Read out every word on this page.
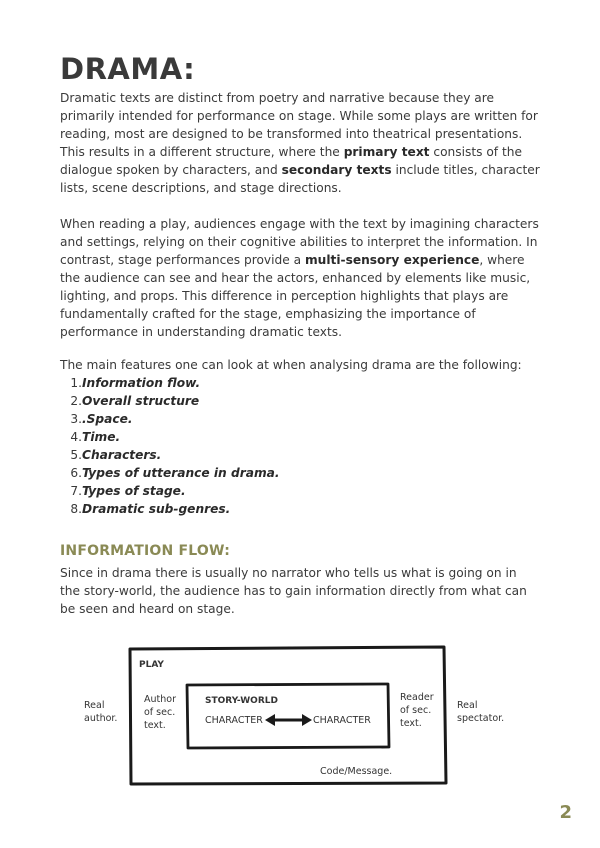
DRAMA:

Dramatic texts are distinct from poetry and narrative because they are primarily intended for performance on stage. While some plays are written for reading, most are designed to be transformed into theatrical presentations. This results in a different structure, where the primary text consists of the dialogue spoken by characters, and secondary texts include titles, character lists, scene descriptions, and stage directions.

When reading a play, audiences engage with the text by imagining characters and settings, relying on their cognitive abilities to interpret the information. In contrast, stage performances provide a multi-sensory experience, where the audience can see and hear the actors, enhanced by elements like music, lighting, and props. This difference in perception highlights that plays are fundamentally crafted for the stage, emphasizing the importance of performance in understanding dramatic texts.

The main features one can look at when analysing drama are the following:

1. Information flow.
2. Overall structure
3. .Space.
4. Time.
5. Characters.
6. Types of utterance in drama.
7. Types of stage.
8. Dramatic sub-genres.
INFORMATION FLOW:

Since in drama there is usually no narrator who tells us what is going on in the story-world, the audience has to gain information directly from what can be seen and heard on stage.

PLAY
STORY-WORLD
CHARACTER	CHARACTER
Real author.
Author of sec. text.
Reader of sec. text.
Real spectator.
Code/Message.
2
